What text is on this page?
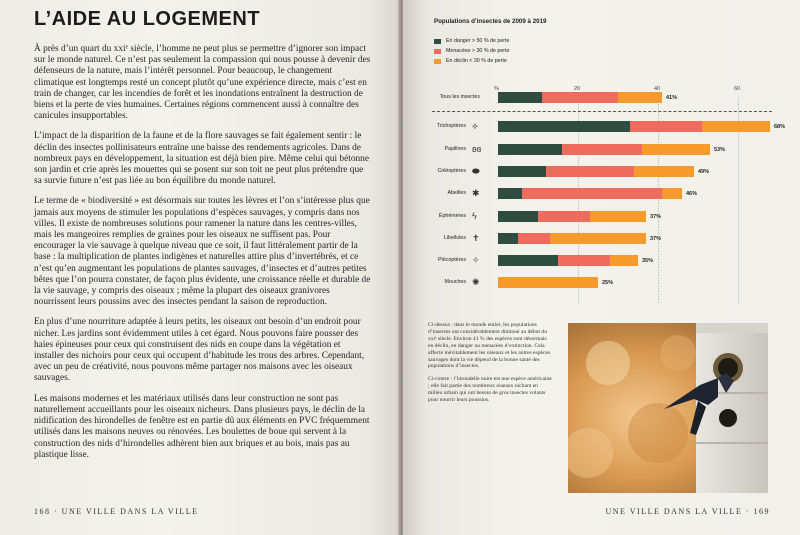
L’AIDE AU LOGEMENT

À près d’un quart du xxiᵉ siècle, l’homme ne peut plus se permettre d’ignorer son impact sur le monde naturel. Ce n’est pas seulement la compassion qui nous pousse à devenir des défenseurs de la nature, mais l’intérêt personnel. Pour beaucoup, le changement climatique est longtemps resté un concept plutôt qu’une expérience directe, mais c’est en train de changer, car les incendies de forêt et les inondations entraînent la destruction de biens et la perte de vies humaines. Certaines régions commencent aussi à connaître des canicules insupportables.

L’impact de la disparition de la faune et de la flore sauvages se fait également sentir : le déclin des insectes pollinisateurs entraîne une baisse des rendements agricoles. Dans de nombreux pays en développement, la situation est déjà bien pire. Même celui qui bétonne son jardin et crie après les mouettes qui se posent sur son toit ne peut plus prétendre que sa survie future n’est pas liée au bon équilibre du monde naturel.

Le terme de « biodiversité » est désormais sur toutes les lèvres et l’on s’intéresse plus que jamais aux moyens de stimuler les populations d’espèces sauvages, y compris dans nos villes. Il existe de nombreuses solutions pour ramener la nature dans les centres-villes, mais les mangeoires remplies de graines pour les oiseaux ne suffisent pas. Pour encourager la vie sauvage à quelque niveau que ce soit, il faut littéralement partir de la base : la multiplication de plantes indigènes et naturelles attire plus d’invertébrés, et ce n’est qu’en augmentant les populations de plantes sauvages, d’insectes et d’autres petites bêtes que l’on pourra constater, de façon plus évidente, une croissance réelle et durable de la vie sauvage, y compris des oiseaux ; même la plupart des oiseaux granivores nourrissent leurs poussins avec des insectes pendant la saison de reproduction.

En plus d’une nourriture adaptée à leurs petits, les oiseaux ont besoin d’un endroit pour nicher. Les jardins sont évidemment utiles à cet égard. Nous pouvons faire pousser des haies épineuses pour ceux qui construisent des nids en coupe dans la végétation et installer des nichoirs pour ceux qui occupent d’habitude les trous des arbres. Cependant, avec un peu de créativité, nous pouvons même partager nos maisons avec les oiseaux sauvages.

Les maisons modernes et les matériaux utilisés dans leur construction ne sont pas naturellement accueillants pour les oiseaux nicheurs. Dans plusieurs pays, le déclin de la nidification des hirondelles de fenêtre est en partie dû aux éléments en PVC fréquemment utilisés dans les maisons neuves ou rénovées. Les boulettes de boue qui servent à la construction des nids d’hirondelles adhèrent bien aux briques et au bois, mais pas au plastique lisse.

168 · UNE VILLE DANS LA VILLE	UNE VILLE DANS LA VILLE · 169
Populations d’insectes de 2009 à 2019
En danger > 50 % de perte
Menacées > 30 % de perte
En déclin < 30 % de perte
%	20	40	60
Tous les insectes	41%
Trichoptères ⟡	68%
Papillons ʚɞ	53%
Coléoptères ⬬	49%
Abeilles ✱	46%
Éphémères ϟ	37%
Libellules ✝	37%
Plécoptères ✧	35%
Mouches ✺	25%

Ci-dessus : dans le monde entier, les populations d’insectes ont considérablement diminué au début du xxiᵉ siècle. Environ 41 % des espèces sont désormais en déclin, en danger ou menacées d’extinction. Cela affecte inévitablement les oiseaux et les autres espèces sauvages dont la vie dépend de la bonne santé des populations d’insectes.

Ci-contre : l’hirondelle noire est une espèce américaine ; elle fait partie des nombreux oiseaux nichant en milieu urbain qui ont besoin de gros insectes volants pour nourrir leurs poussins.
